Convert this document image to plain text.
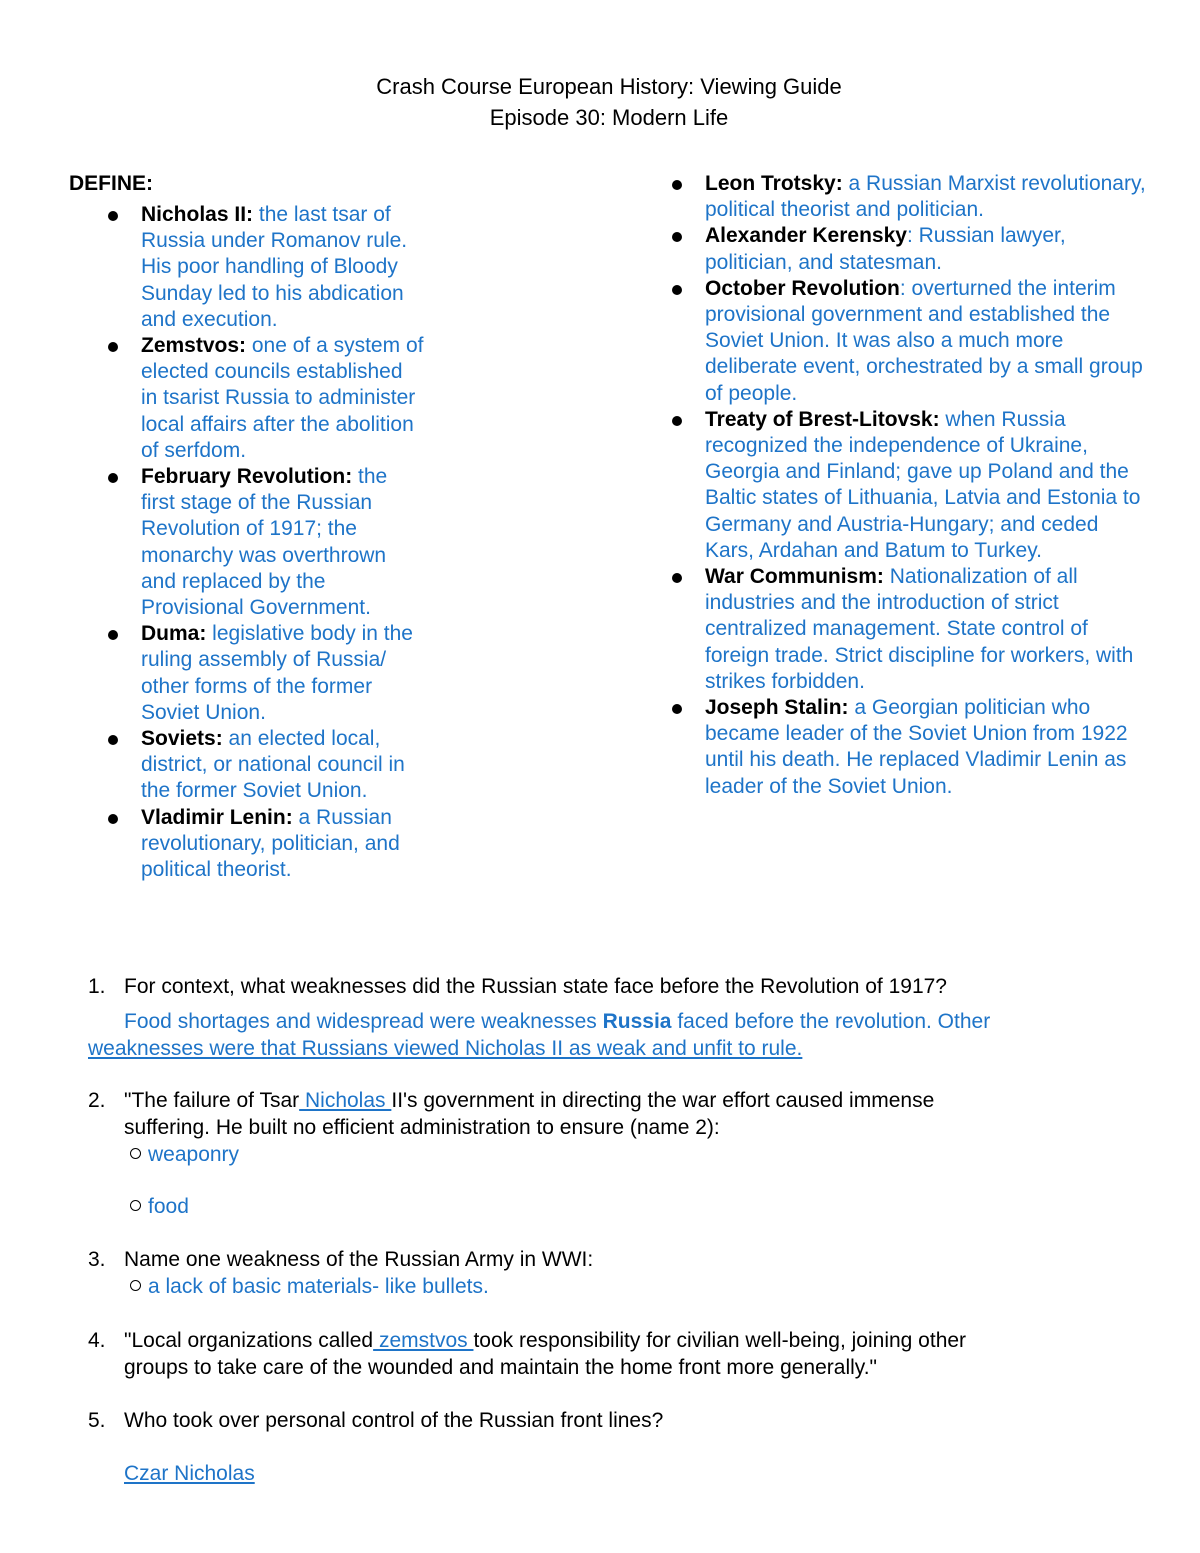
Crash Course European History: Viewing Guide
Episode 30: Modern Life
DEFINE:
Nicholas II: the last tsar of Russia under Romanov rule. His poor handling of Bloody Sunday led to his abdication and execution.
Zemstvos: one of a system of elected councils established in tsarist Russia to administer local affairs after the abolition of serfdom.
February Revolution: the first stage of the Russian Revolution of 1917; the monarchy was overthrown and replaced by the Provisional Government.
Duma: legislative body in the ruling assembly of Russia/ other forms of the former Soviet Union.
Soviets: an elected local, district, or national council in the former Soviet Union.
Vladimir Lenin: a Russian revolutionary, politician, and political theorist.
Leon Trotsky: a Russian Marxist revolutionary, political theorist and politician.
Alexander Kerensky: Russian lawyer, politician, and statesman.
October Revolution: overturned the interim provisional government and established the Soviet Union. It was also a much more deliberate event, orchestrated by a small group of people.
Treaty of Brest-Litovsk: when Russia recognized the independence of Ukraine, Georgia and Finland; gave up Poland and the Baltic states of Lithuania, Latvia and Estonia to Germany and Austria-Hungary; and ceded Kars, Ardahan and Batum to Turkey.
War Communism: Nationalization of all industries and the introduction of strict centralized management. State control of foreign trade. Strict discipline for workers, with strikes forbidden.
Joseph Stalin: a Georgian politician who became leader of the Soviet Union from 1922 until his death. He replaced Vladimir Lenin as leader of the Soviet Union.
1. For context, what weaknesses did the Russian state face before the Revolution of 1917?
Food shortages and widespread were weaknesses Russia faced before the revolution. Other
weaknesses were that Russians viewed Nicholas II as weak and unfit to rule.
2. "The failure of Tsar Nicholas II's government in directing the war effort caused immense
suffering. He built no efficient administration to ensure (name 2):
weaponry
food
3. Name one weakness of the Russian Army in WWI:
a lack of basic materials- like bullets.
4. "Local organizations called zemstvos took responsibility for civilian well-being, joining other
groups to take care of the wounded and maintain the home front more generally."
5. Who took over personal control of the Russian front lines?
Czar Nicholas
